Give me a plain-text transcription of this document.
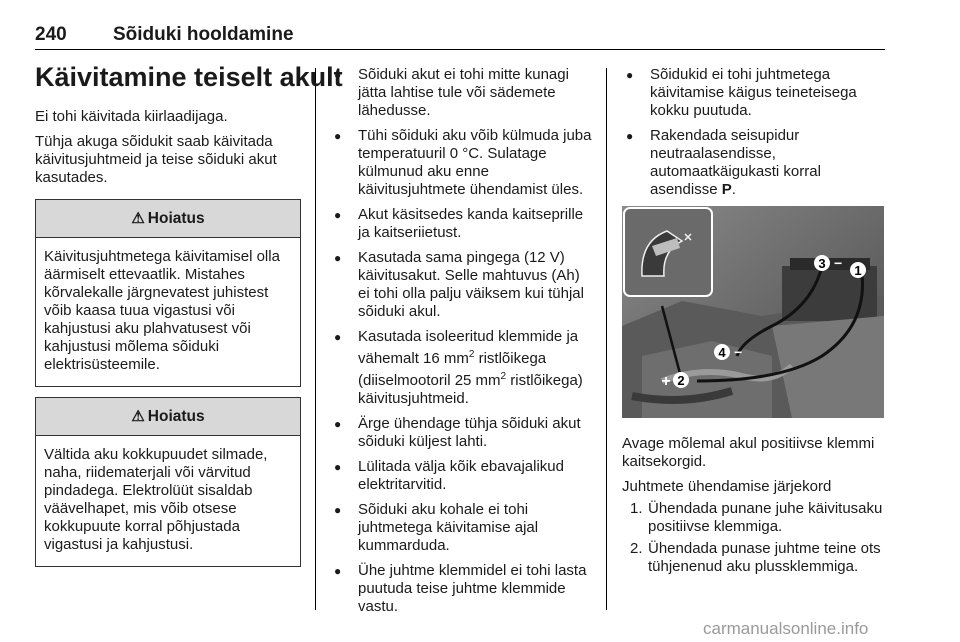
240 Sõiduki hooldamine
Käivitamine teiselt akult

Ei tohi käivitada kiirlaadijaga.

Tühja akuga sõidukit saab käivitada käivitusjuhtmeid ja teise sõiduki akut kasutades.

⚠ Hoiatus
Käivitusjuhtmetega käivitamisel olla äärmiselt ettevaatlik. Mistahes kõrvalekalle järgnevatest juhistest võib kaasa tuua vigastusi või kahjustusi aku plahvatusest või kahjustusi mõlema sõiduki elektrisüsteemile.
⚠ Hoiatus
Vältida aku kokkupuudet silmade, naha, riidematerjali või värvitud pindadega. Elektrolüüt sisaldab väävelhapet, mis võib otsese kokkupuute korral põhjustada vigastusi ja kahjustusi.
● Sõiduki akut ei tohi mitte kunagi jätta lahtise tule või sädemete lähedusse.
● Tühi sõiduki aku võib külmuda juba temperatuuril 0 °C. Sulatage külmunud aku enne käivitusjuhtmete ühendamist üles.
● Akut käsitsedes kanda kaitseprille ja kaitseriietust.
● Kasutada sama pingega (12 V) käivitusakut. Selle mahtuvus (Ah) ei tohi olla palju väiksem kui tühjal sõiduki akul.
● Kasutada isoleeritud klemmide ja vähemalt 16 $mm^2$ ristlõikega (diiselmootoril 25 $mm^2$ ristlõikega) käivitusjuhtmeid.
● Ärge ühendage tühja sõiduki akut sõiduki küljest lahti.
● Lülitada välja kõik ebavajalikud elektritarvitid.
● Sõiduki aku kohale ei tohi juhtmetega käivitamise ajal kummarduda.
● Ühe juhtme klemmidel ei tohi lasta puutuda teise juhtme klemmide vastu.
● Sõidukid ei tohi juhtmetega käivitamise käigus teineteisega kokku puutuda.
● Rakendada seisupidur neutraalasendisse, automaatkäigukasti korral asendisse P.
1
2
3
4
+
−
−
✕

Avage mõlemal akul positiivse klemmi kaitsekorgid.

Juhtmete ühendamise järjekord

1. Ühendada punane juhe käivitusaku positiivse klemmiga.
2. Ühendada punase juhtme teine ots tühjenenud aku plussklemmiga.
carmanualsonline.info
